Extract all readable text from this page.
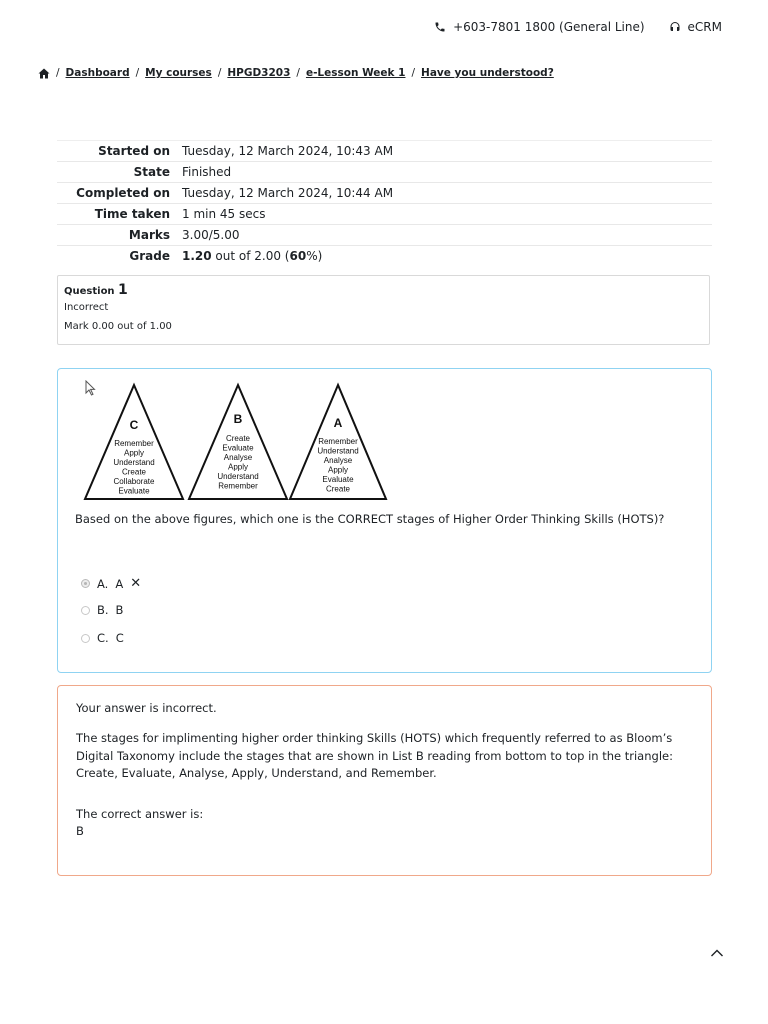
+603-7801 1800 (General Line)	eCRM
/ Dashboard / My courses / HPGD3203 / e-Lesson Week 1 / Have you understood?
Started on	Tuesday, 12 March 2024, 10:43 AM
State	Finished
Completed on	Tuesday, 12 March 2024, 10:44 AM
Time taken	1 min 45 secs
Marks	3.00/5.00
Grade	1.20 out of 2.00 (60%)
Question 1
Incorrect
Mark 0.00 out of 1.00
C
Remember
Apply
Understand
Create
Collaborate
Evaluate
B
Create
Evaluate
Analyse
Apply
Understand
Remember
A
Remember
Understand
Analyse
Apply
Evaluate
Create
Based on the above figures, which one is the CORRECT stages of Higher Order Thinking Skills (HOTS)?
A. A ✕
B. B
C. C

Your answer is incorrect.

The stages for implimenting higher order thinking Skills (HOTS) which frequently referred to as Bloom’s Digital Taxonomy include the stages that are shown in List B reading from bottom to top in the triangle: Create, Evaluate, Analyse, Apply, Understand, and Remember.

The correct answer is:

B
